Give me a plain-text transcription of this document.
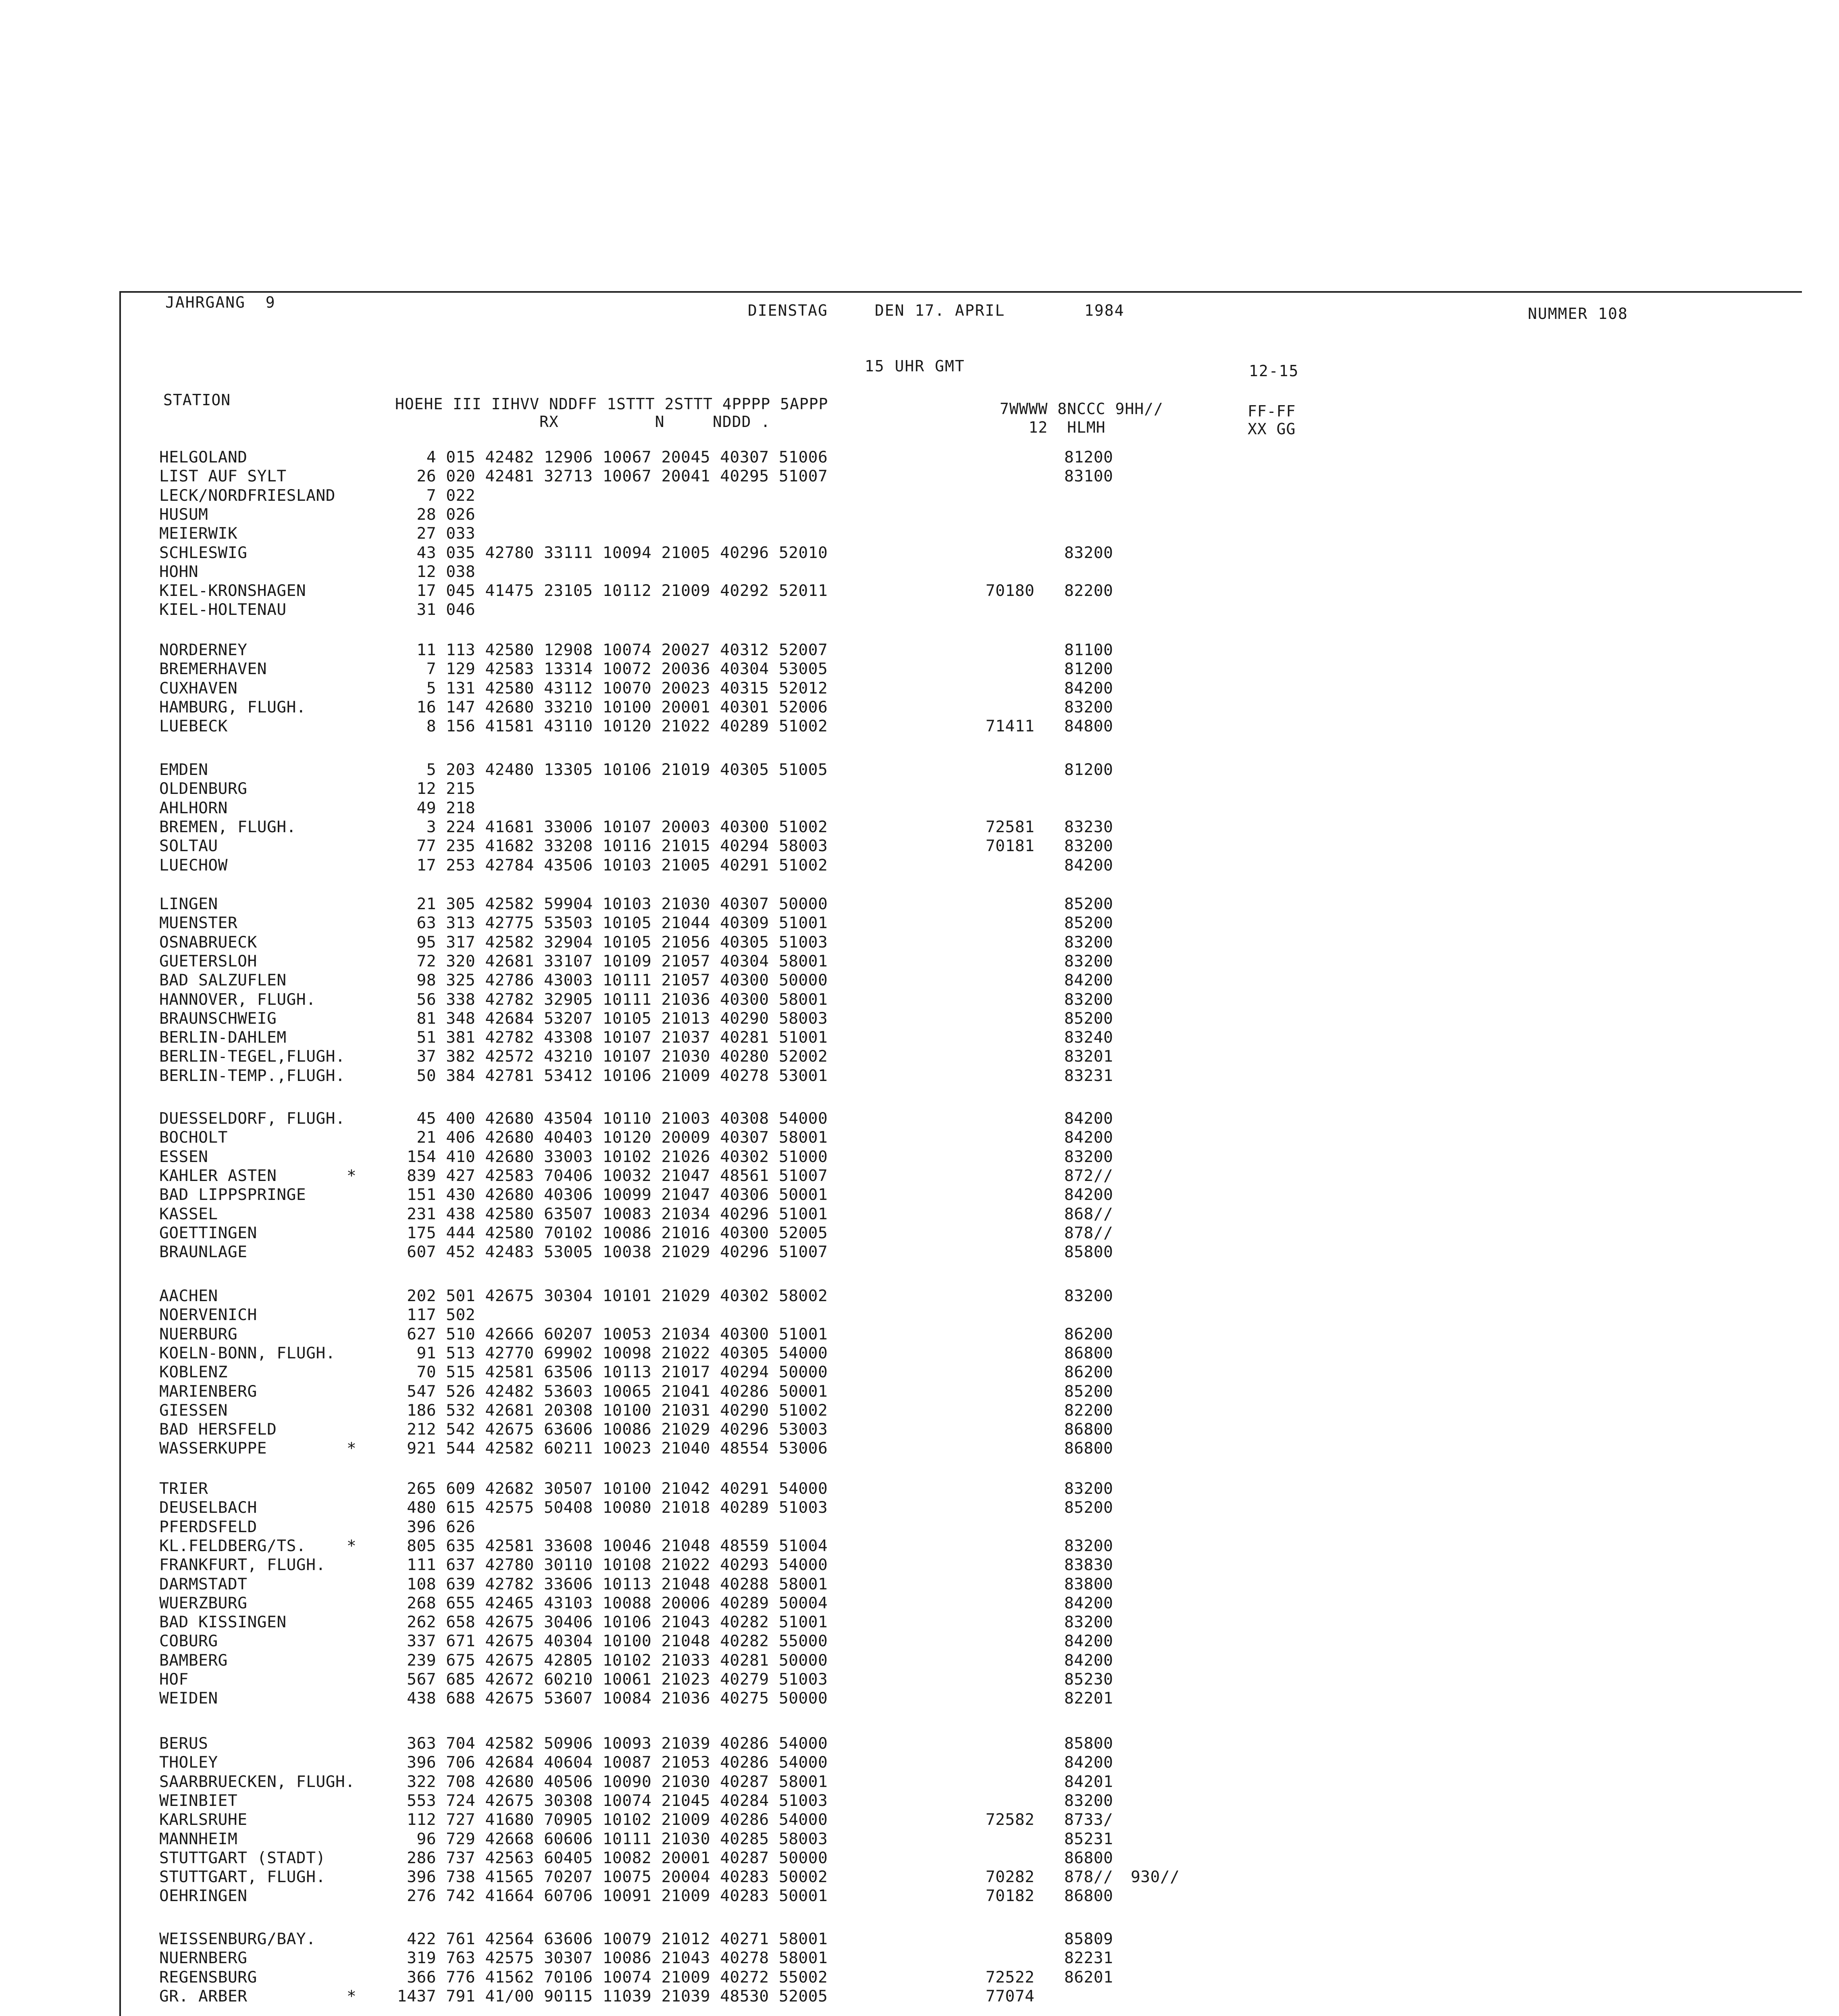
JAHRGANG  9	DIENSTAG	DEN 17. APRIL	1984	NUMMER 108
15 UHR GMT	12-15
STATION	HOEHE III IIHVV NDDFF 1STTT 2STTT 4PPPP 5APPP
RX          N     NDDD .
7WWWW 8NCCC 9HH//
12  HLMH
FF-FF
XX GG
HELGOLAND	4 015 42482 12906 10067 20045 40307 51006	81200
LIST AUF SYLT	26 020 42481 32713 10067 20041 40295 51007	83100
LECK/NORDFRIESLAND	7 022
HUSUM	28 026
MEIERWIK	27 033
SCHLESWIG	43 035 42780 33111 10094 21005 40296 52010	83200
HOHN	12 038
KIEL-KRONSHAGEN	17 045 41475 23105 10112 21009 40292 52011	70180 82200
KIEL-HOLTENAU	31 046
NORDERNEY	11 113 42580 12908 10074 20027 40312 52007	81100
BREMERHAVEN	7 129 42583 13314 10072 20036 40304 53005	81200
CUXHAVEN	5 131 42580 43112 10070 20023 40315 52012	84200
HAMBURG, FLUGH.	16 147 42680 33210 10100 20001 40301 52006	83200
LUEBECK	8 156 41581 43110 10120 21022 40289 51002	71411 84800
EMDEN	5 203 42480 13305 10106 21019 40305 51005	81200
OLDENBURG	12 215
AHLHORN	49 218
BREMEN, FLUGH.	3 224 41681 33006 10107 20003 40300 51002	72581 83230
SOLTAU	77 235 41682 33208 10116 21015 40294 58003	70181 83200
LUECHOW	17 253 42784 43506 10103 21005 40291 51002	84200
LINGEN	21 305 42582 59904 10103 21030 40307 50000	85200
MUENSTER	63 313 42775 53503 10105 21044 40309 51001	85200
OSNABRUECK	95 317 42582 32904 10105 21056 40305 51003	83200
GUETERSLOH	72 320 42681 33107 10109 21057 40304 58001	83200
BAD SALZUFLEN	98 325 42786 43003 10111 21057 40300 50000	84200
HANNOVER, FLUGH.	56 338 42782 32905 10111 21036 40300 58001	83200
BRAUNSCHWEIG	81 348 42684 53207 10105 21013 40290 58003	85200
BERLIN-DAHLEM	51 381 42782 43308 10107 21037 40281 51001	83240
BERLIN-TEGEL,FLUGH.	37 382 42572 43210 10107 21030 40280 52002	83201
BERLIN-TEMP.,FLUGH.	50 384 42781 53412 10106 21009 40278 53001	83231
DUESSELDORF, FLUGH.	45 400 42680 43504 10110 21003 40308 54000	84200
BOCHOLT	21 406 42680 40403 10120 20009 40307 58001	84200
ESSEN	154 410 42680 33003 10102 21026 40302 51000	83200
KAHLER ASTEN	*	839 427 42583 70406 10032 21047 48561 51007	872//
BAD LIPPSPRINGE	151 430 42680 40306 10099 21047 40306 50001	84200
KASSEL	231 438 42580 63507 10083 21034 40296 51001	868//
GOETTINGEN	175 444 42580 70102 10086 21016 40300 52005	878//
BRAUNLAGE	607 452 42483 53005 10038 21029 40296 51007	85800
AACHEN	202 501 42675 30304 10101 21029 40302 58002	83200
NOERVENICH	117 502
NUERBURG	627 510 42666 60207 10053 21034 40300 51001	86200
KOELN-BONN, FLUGH.	91 513 42770 69902 10098 21022 40305 54000	86800
KOBLENZ	70 515 42581 63506 10113 21017 40294 50000	86200
MARIENBERG	547 526 42482 53603 10065 21041 40286 50001	85200
GIESSEN	186 532 42681 20308 10100 21031 40290 51002	82200
BAD HERSFELD	212 542 42675 63606 10086 21029 40296 53003	86800
WASSERKUPPE	*	921 544 42582 60211 10023 21040 48554 53006	86800
TRIER	265 609 42682 30507 10100 21042 40291 54000	83200
DEUSELBACH	480 615 42575 50408 10080 21018 40289 51003	85200
PFERDSFELD	396 626
KL.FELDBERG/TS.	*	805 635 42581 33608 10046 21048 48559 51004	83200
FRANKFURT, FLUGH.	111 637 42780 30110 10108 21022 40293 54000	83830
DARMSTADT	108 639 42782 33606 10113 21048 40288 58001	83800
WUERZBURG	268 655 42465 43103 10088 20006 40289 50004	84200
BAD KISSINGEN	262 658 42675 30406 10106 21043 40282 51001	83200
COBURG	337 671 42675 40304 10100 21048 40282 55000	84200
BAMBERG	239 675 42675 42805 10102 21033 40281 50000	84200
HOF	567 685 42672 60210 10061 21023 40279 51003	85230
WEIDEN	438 688 42675 53607 10084 21036 40275 50000	82201
BERUS	363 704 42582 50906 10093 21039 40286 54000	85800
THOLEY	396 706 42684 40604 10087 21053 40286 54000	84200
SAARBRUECKEN, FLUGH.	322 708 42680 40506 10090 21030 40287 58001	84201
WEINBIET	553 724 42675 30308 10074 21045 40284 51003	83200
KARLSRUHE	112 727 41680 70905 10102 21009 40286 54000	72582 8733/
MANNHEIM	96 729 42668 60606 10111 21030 40285 58003	85231
STUTTGART (STADT)	286 737 42563 60405 10082 20001 40287 50000	86800
STUTTGART, FLUGH.	396 738 41565 70207 10075 20004 40283 50002	70282 878// 930//
OEHRINGEN	276 742 41664 60706 10091 21009 40283 50001	70182 86800
WEISSENBURG/BAY.	422 761 42564 63606 10079 21012 40271 58001	85809
NUERNBERG	319 763 42575 30307 10086 21043 40278 58001	82231
REGENSBURG	366 776 41562 70106 10074 21009 40272 55002	72522 86201
GR. ARBER	*	1437 791 41/00 90115 11039 21039 48530 52005	77074
